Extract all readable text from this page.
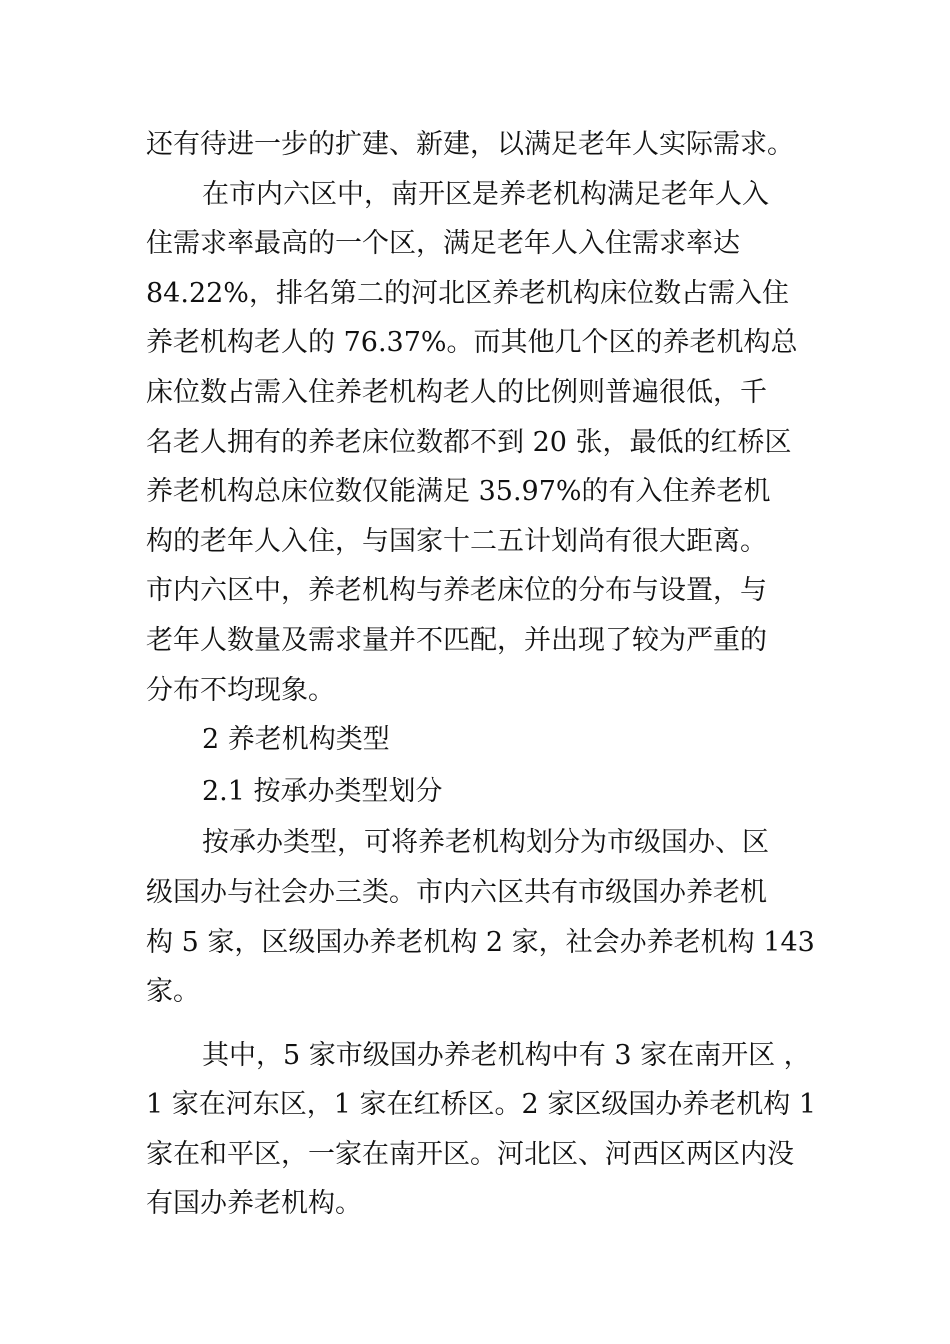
还有待进一步的扩建、新建，以满足老年人实际需求。
在市内六区中，南开区是养老机构满足老年人入
住需求率最高的一个区，满足老年人入住需求率达
84.22%，排名第二的河北区养老机构床位数占需入住
养老机构老人的 76.37%。而其他几个区的养老机构总
床位数占需入住养老机构老人的比例则普遍很低，千
名老人拥有的养老床位数都不到 20 张，最低的红桥区
养老机构总床位数仅能满足 35.97%的有入住养老机
构的老年人入住，与国家十二五计划尚有很大距离。
市内六区中，养老机构与养老床位的分布与设置，与
老年人数量及需求量并不匹配，并出现了较为严重的
分布不均现象。
2 养老机构类型
2.1 按承办类型划分
按承办类型，可将养老机构划分为市级国办、区
级国办与社会办三类。市内六区共有市级国办养老机
构 5 家，区级国办养老机构 2 家，社会办养老机构 143
家。
其中，5 家市级国办养老机构中有 3 家在南开区 ，
1 家在河东区，1 家在红桥区。2 家区级国办养老机构 1
家在和平区，一家在南开区。河北区、河西区两区内没
有国办养老机构。
